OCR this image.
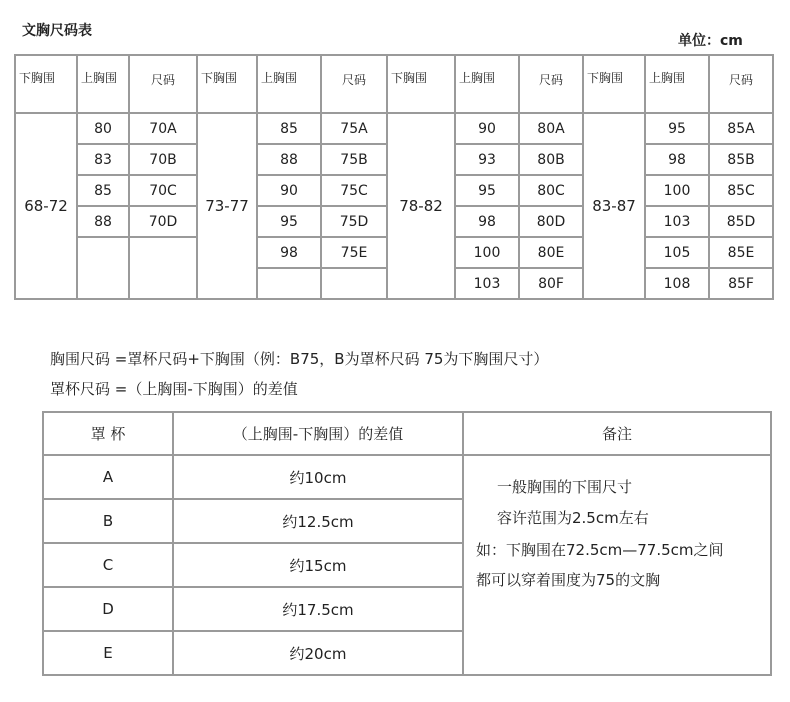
文胸尺码表
单位：cm
下胸围	上胸围	尺码	下胸围	上胸围	尺码	下胸围	上胸围	尺码	下胸围	上胸围	尺码
68-72	80	70A	73-77	85	75A	78-82	90	80A	83-87	95	85A
	83	70B		88	75B		93	80B		98	85B
	85	70C		90	75C		95	80C		100	85C
	88	70D		95	75D		98	80D		103	85D
				98	75E		100	80E		105	85E
							103	80F		108	85F
胸围尺码 =罩杯尺码+下胸围（例：B75，B为罩杯尺码 75为下胸围尺寸）
罩杯尺码 =（上胸围-下胸围）的差值
罩 杯	（上胸围-下胸围）的差值	备注
A	约10cm	
B	约12.5cm	
C	约15cm	
D	约17.5cm	
E	约20cm	
一般胸围的下围尺寸
容许范围为2.5cm左右
如：下胸围在72.5cm—77.5cm之间
都可以穿着围度为75的文胸
